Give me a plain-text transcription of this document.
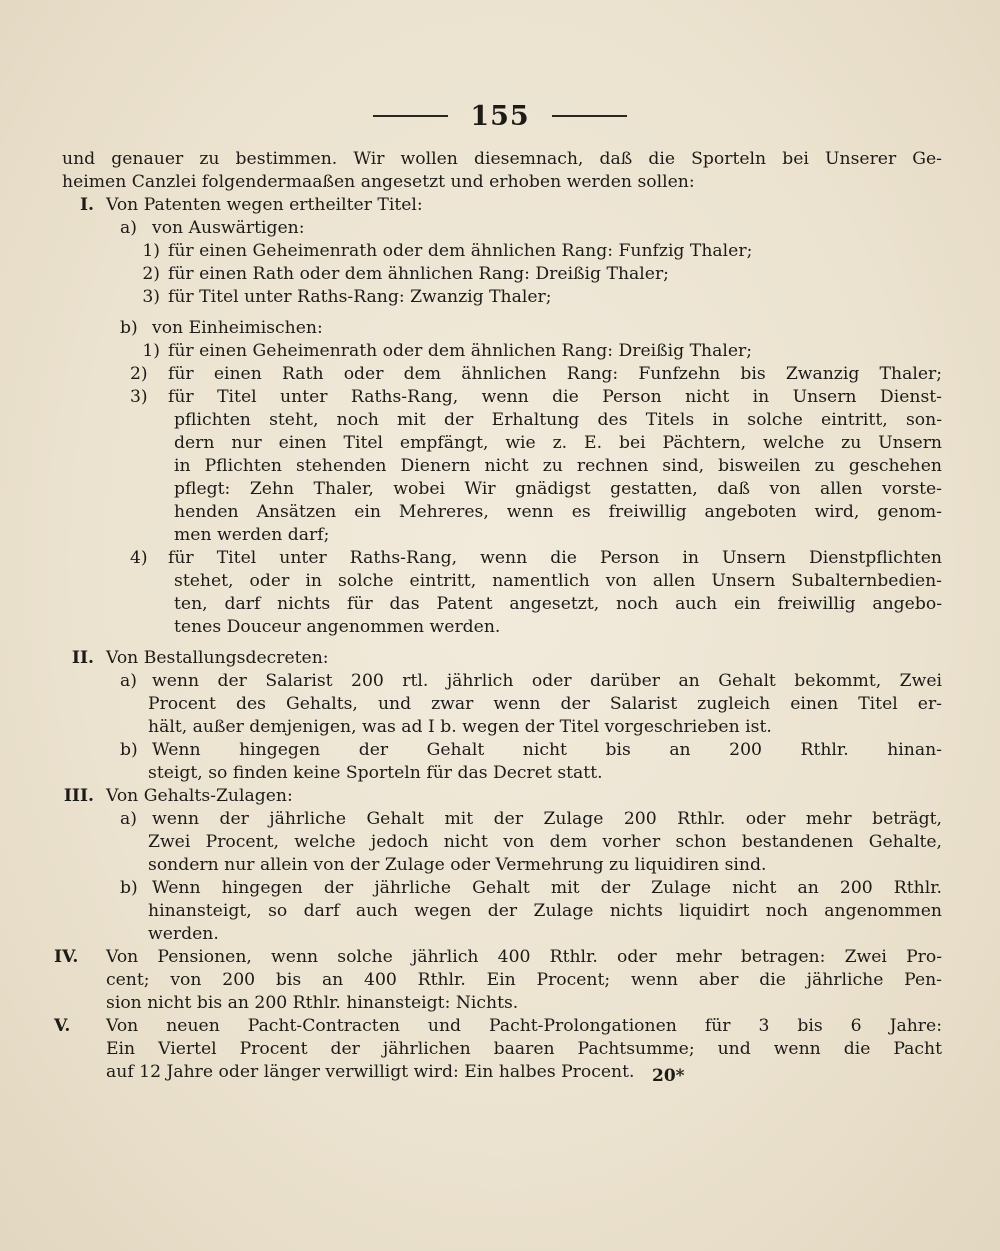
155
und genauer zu bestimmen. Wir wollen diesemnach, daß die Sporteln bei Unserer Ge-
heimen Canzlei folgendermaaßen angesetzt und erhoben werden sollen:
I. Von Patenten wegen ertheilter Titel:
a) von Auswärtigen:
1) für einen Geheimenrath oder dem ähnlichen Rang: Funfzig Thaler;
2) für einen Rath oder dem ähnlichen Rang: Dreißig Thaler;
3) für Titel unter Raths-Rang: Zwanzig Thaler;
b) von Einheimischen:
1) für einen Geheimenrath oder dem ähnlichen Rang: Dreißig Thaler;
2) für einen Rath oder dem ähnlichen Rang: Funfzehn bis Zwanzig Thaler;
3) für Titel unter Raths-Rang, wenn die Person nicht in Unsern Dienst-
pflichten steht, noch mit der Erhaltung des Titels in solche eintritt, son-
dern nur einen Titel empfängt, wie z. E. bei Pächtern, welche zu Unsern
in Pflichten stehenden Dienern nicht zu rechnen sind, bisweilen zu geschehen
pflegt: Zehn Thaler, wobei Wir gnädigst gestatten, daß von allen vorste-
henden Ansätzen ein Mehreres, wenn es freiwillig angeboten wird, genom-
men werden darf;
4) für Titel unter Raths-Rang, wenn die Person in Unsern Dienstpflichten
stehet, oder in solche eintritt, namentlich von allen Unsern Subalternbedien-
ten, darf nichts für das Patent angesetzt, noch auch ein freiwillig angebo-
tenes Douceur angenommen werden.
II. Von Bestallungsdecreten:
a) wenn der Salarist 200 rtl. jährlich oder darüber an Gehalt bekommt, Zwei
Procent des Gehalts, und zwar wenn der Salarist zugleich einen Titel er-
hält, außer demjenigen, was ad I b. wegen der Titel vorgeschrieben ist.
b) Wenn hingegen der Gehalt nicht bis an 200 Rthlr. hinan-
steigt, so finden keine Sporteln für das Decret statt.
III. Von Gehalts-Zulagen:
a) wenn der jährliche Gehalt mit der Zulage 200 Rthlr. oder mehr beträgt,
Zwei Procent, welche jedoch nicht von dem vorher schon bestandenen Gehalte,
sondern nur allein von der Zulage oder Vermehrung zu liquidiren sind.
b) Wenn hingegen der jährliche Gehalt mit der Zulage nicht an 200 Rthlr.
hinansteigt, so darf auch wegen der Zulage nichts liquidirt noch angenommen
werden.
IV. Von Pensionen, wenn solche jährlich 400 Rthlr. oder mehr betragen: Zwei Pro-
cent; von 200 bis an 400 Rthlr. Ein Procent; wenn aber die jährliche Pen-
sion nicht bis an 200 Rthlr. hinansteigt: Nichts.
V. Von neuen Pacht-Contracten und Pacht-Prolongationen für 3 bis 6 Jahre:
Ein Viertel Procent der jährlichen baaren Pachtsumme; und wenn die Pacht
auf 12 Jahre oder länger verwilligt wird: Ein halbes Procent.	20*
